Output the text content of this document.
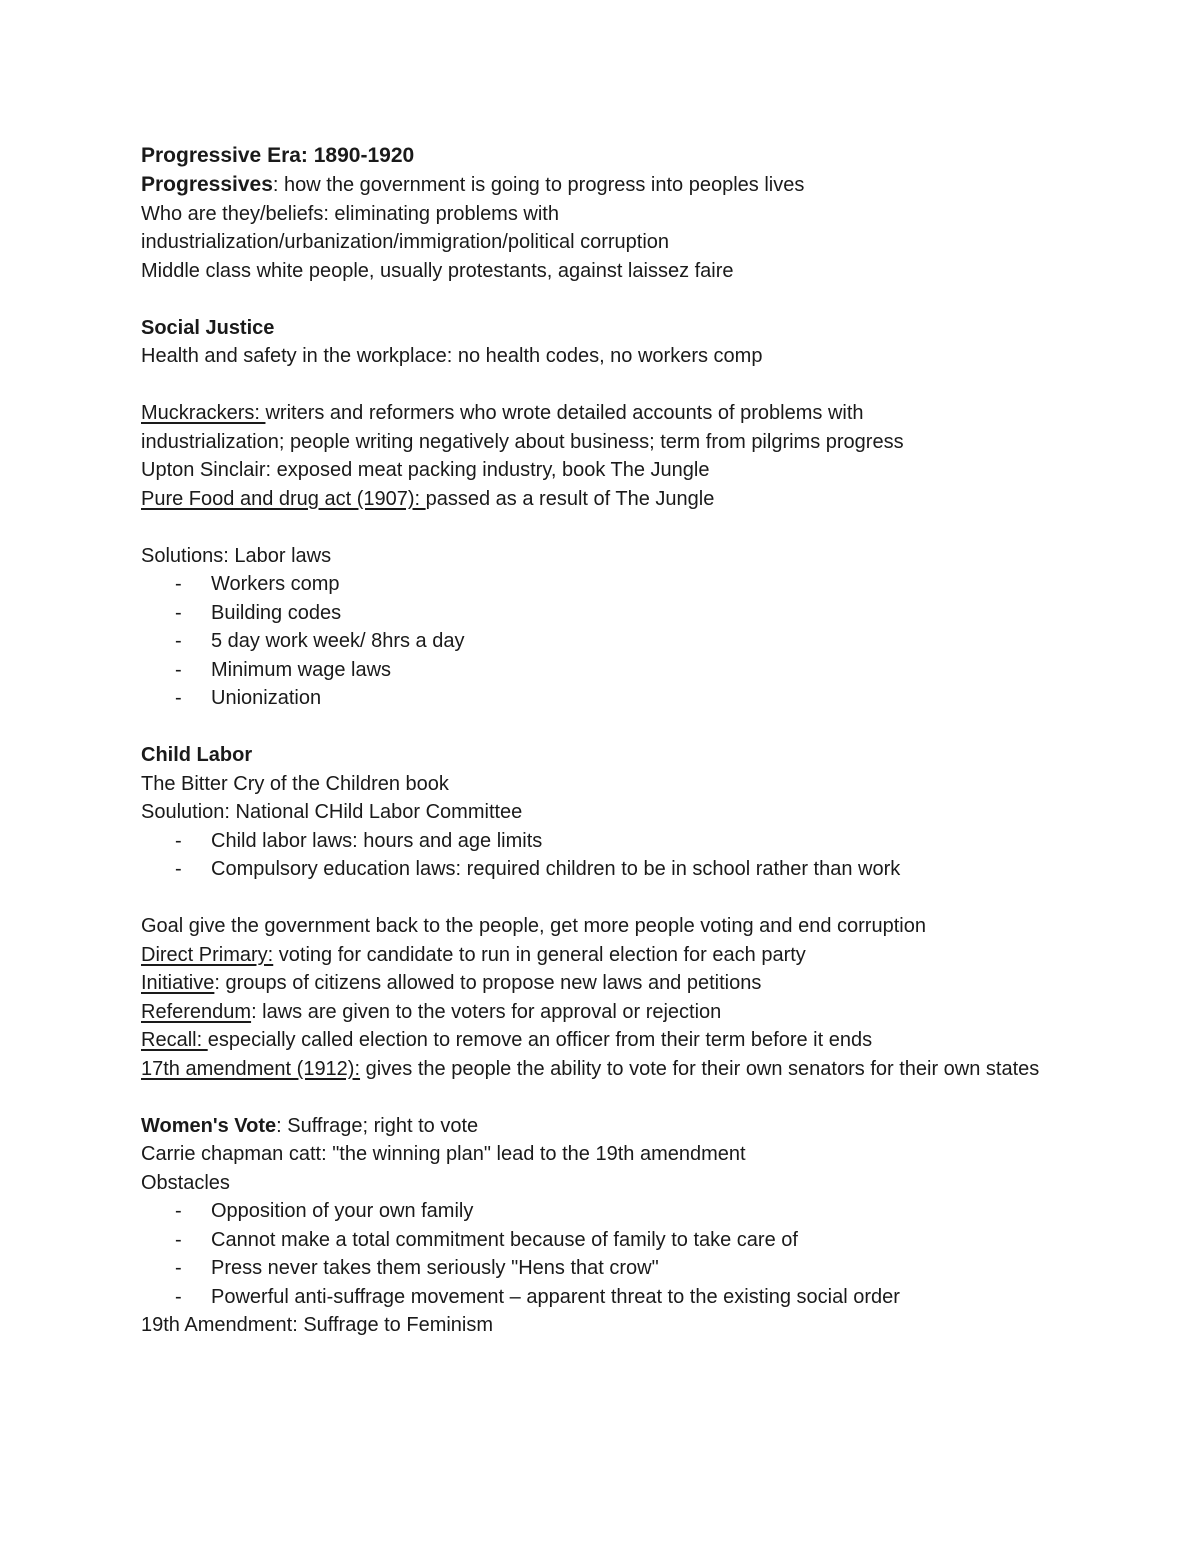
Progressive Era: 1890-1920
Progressives: how the government is going to progress into peoples lives
Who are they/beliefs: eliminating problems with
industrialization/urbanization/immigration/political corruption
Middle class white people, usually protestants, against laissez faire
Social Justice
Health and safety in the workplace: no health codes, no workers comp
Muckrackers: writers and reformers who wrote detailed accounts of problems with
industrialization; people writing negatively about business; term from pilgrims progress
Upton Sinclair: exposed meat packing industry, book The Jungle
Pure Food and drug act (1907): passed as a result of The Jungle
Solutions: Labor laws
- Workers comp
- Building codes
- 5 day work week/ 8hrs a day
- Minimum wage laws
- Unionization
Child Labor
The Bitter Cry of the Children book
Soulution: National CHild Labor Committee
- Child labor laws: hours and age limits
- Compulsory education laws: required children to be in school rather than work
Goal give the government back to the people, get more people voting and end corruption
Direct Primary: voting for candidate to run in general election for each party
Initiative: groups of citizens allowed to propose new laws and petitions
Referendum: laws are given to the voters for approval or rejection
Recall: especially called election to remove an officer from their term before it ends
17th amendment (1912): gives the people the ability to vote for their own senators for their own states
Women's Vote: Suffrage; right to vote
Carrie chapman catt: "the winning plan" lead to the 19th amendment
Obstacles
- Opposition of your own family
- Cannot make a total commitment because of family to take care of
- Press never takes them seriously "Hens that crow"
- Powerful anti-suffrage movement – apparent threat to the existing social order
19th Amendment: Suffrage to Feminism
